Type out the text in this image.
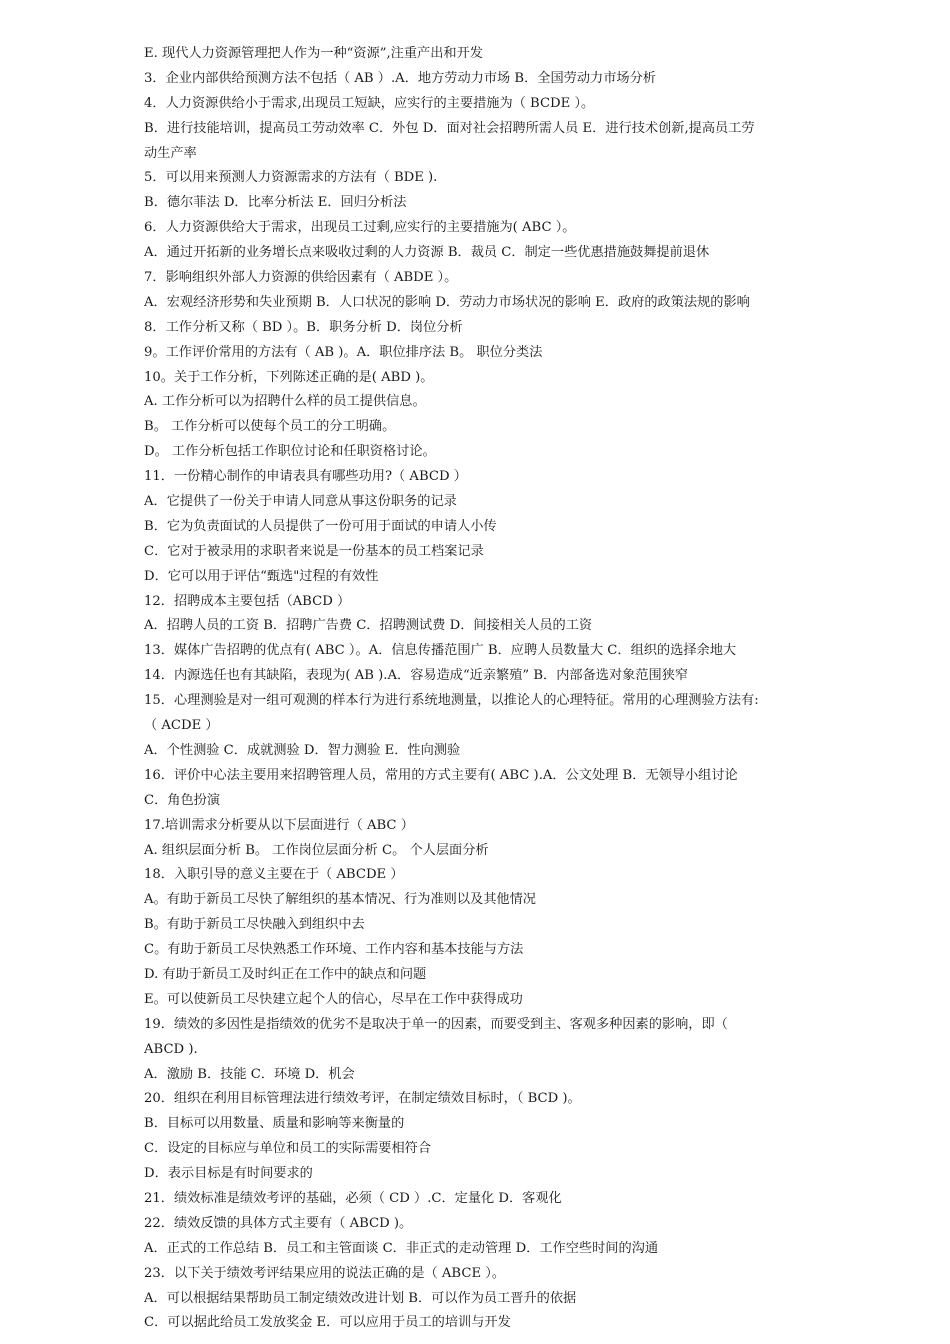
E. 现代人力资源管理把人作为一种“资源”,注重产出和开发
3．企业内部供给预测方法不包括（ AB ）.A．地方劳动力市场 B．全国劳动力市场分析
4．人力资源供给小于需求,出现员工短缺，应实行的主要措施为（ BCDE ）。
B．进行技能培训，提高员工劳动效率 C．外包 D．面对社会招聘所需人员 E．进行技术创新,提高员工劳
动生产率
5．可以用来预测人力资源需求的方法有（ BDE ).
B．德尔菲法 D．比率分析法 E．回归分析法
6．人力资源供给大于需求，出现员工过剩,应实行的主要措施为( ABC ）。
A．通过开拓新的业务增长点来吸收过剩的人力资源 B．裁员 C．制定一些优惠措施鼓舞提前退休
7．影响组织外部人力资源的供给因素有（ ABDE ）。
A．宏观经济形势和失业预期 B．人口状况的影响 D．劳动力市场状况的影响 E．政府的政策法规的影响
8．工作分析又称（ BD ）。B．职务分析 D．岗位分析
9。工作评价常用的方法有（ AB )。A．职位排序法 B。 职位分类法
10。关于工作分析，下列陈述正确的是( ABD )。
A. 工作分析可以为招聘什么样的员工提供信息。
B。 工作分析可以使每个员工的分工明确。
D。 工作分析包括工作职位讨论和任职资格讨论。
11．一份精心制作的申请表具有哪些功用?（ ABCD ）
A．它提供了一份关于申请人同意从事这份职务的记录
B．它为负责面试的人员提供了一份可用于面试的申请人小传
C．它对于被录用的求职者来说是一份基本的员工档案记录
D．它可以用于评估“甄选"过程的有效性
12．招聘成本主要包括（ABCD ）
A．招聘人员的工资 B．招聘广告费 C．招聘测试费 D．间接相关人员的工资
13．媒体广告招聘的优点有( ABC ）。A．信息传播范围广 B．应聘人员数量大 C．组织的选择余地大
14．内源选任也有其缺陷，表现为( AB ).A．容易造成“近亲繁殖” B．内部备选对象范围狭窄
15．心理测验是对一组可观测的样本行为进行系统地测量，以推论人的心理特征。常用的心理测验方法有:
（ ACDE ）
A．个性测验 C．成就测验 D．智力测验 E．性向测验
16．评价中心法主要用来招聘管理人员，常用的方式主要有( ABC ).A．公文处理 B．无领导小组讨论
C．角色扮演
17.培训需求分析要从以下层面进行（ ABC ）
A. 组织层面分析 B。 工作岗位层面分析 C。 个人层面分析
18．入职引导的意义主要在于（ ABCDE ）
A。有助于新员工尽快了解组织的基本情况、行为准则以及其他情况
B。有助于新员工尽快融入到组织中去
C。有助于新员工尽快熟悉工作环境、工作内容和基本技能与方法
D. 有助于新员工及时纠正在工作中的缺点和问题
E。可以使新员工尽快建立起个人的信心，尽早在工作中获得成功
19．绩效的多因性是指绩效的优劣不是取决于单一的因素，而要受到主、客观多种因素的影响，即（
ABCD ).
A．激励 B．技能 C．环境 D．机会
20．组织在利用目标管理法进行绩效考评，在制定绩效目标时，（ BCD )。
B．目标可以用数量、质量和影响等来衡量的
C．设定的目标应与单位和员工的实际需要相符合
D．表示目标是有时间要求的
21．绩效标准是绩效考评的基础，必须（ CD ）.C．定量化 D．客观化
22．绩效反馈的具体方式主要有（ ABCD )。
A．正式的工作总结 B．员工和主管面谈 C．非正式的走动管理 D．工作空些时间的沟通
23．以下关于绩效考评结果应用的说法正确的是（ ABCE ）。
A．可以根据结果帮助员工制定绩效改进计划 B．可以作为员工晋升的依据
C．可以据此给员工发放奖金 E．可以应用于员工的培训与开发
